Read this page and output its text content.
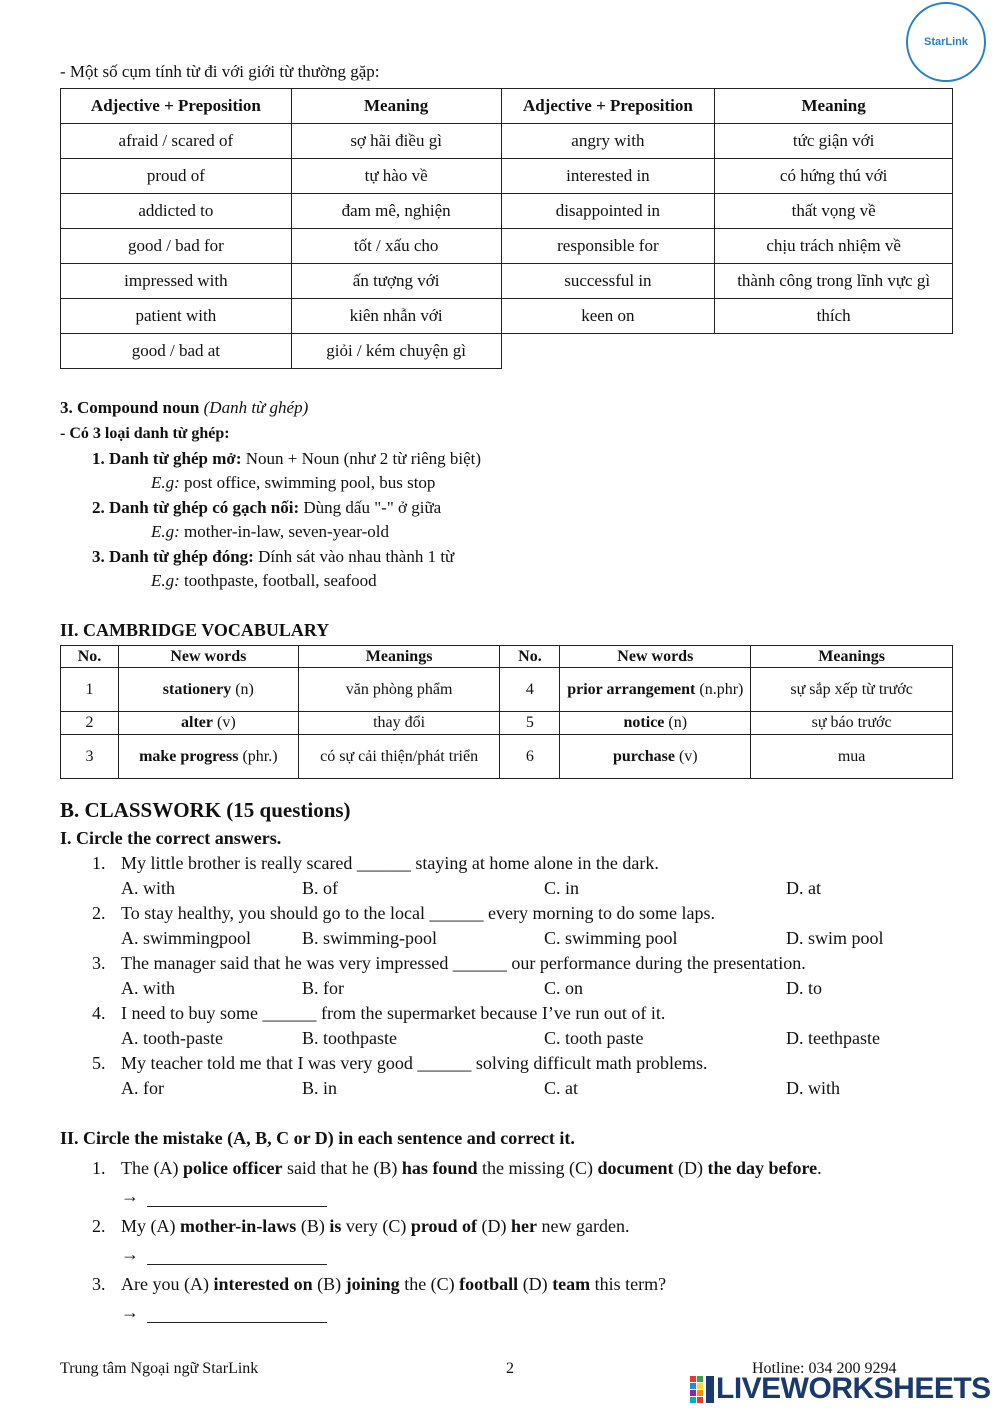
StarLink
- Một số cụm tính từ đi với giới từ thường gặp:
Adjective + Preposition	Meaning	Adjective + Preposition	Meaning
afraid / scared of	sợ hãi điều gì	angry with	tức giận với
proud of	tự hào về	interested in	có hứng thú với
addicted to	đam mê, nghiện	disappointed in	thất vọng về
good / bad for	tốt / xấu cho	responsible for	chịu trách nhiệm về
impressed with	ấn tượng với	successful in	thành công trong lĩnh vực gì
patient with	kiên nhẫn với	keen on	thích
good / bad at	giỏi / kém chuyện gì		
3. Compound noun (Danh từ ghép)
- Có 3 loại danh từ ghép:
1. Danh từ ghép mở: Noun + Noun (như 2 từ riêng biệt)
E.g: post office, swimming pool, bus stop
2. Danh từ ghép có gạch nối: Dùng dấu "-" ở giữa
E.g: mother-in-law, seven-year-old
3. Danh từ ghép đóng: Dính sát vào nhau thành 1 từ
E.g: toothpaste, football, seafood
II. CAMBRIDGE VOCABULARY
No.	New words	Meanings	No.	New words	Meanings
1	stationery (n)	văn phòng phẩm	4	prior arrangement (n.phr)	sự sắp xếp từ trước
2	alter (v)	thay đổi	5	notice (n)	sự báo trước
3	make progress (phr.)	có sự cải thiện/phát triển	6	purchase (v)	mua
B. CLASSWORK (15 questions)
I. Circle the correct answers.
1. My little brother is really scared ______ staying at home alone in the dark.
A. with	B. of	C. in	D. at
2. To stay healthy, you should go to the local ______ every morning to do some laps.
A. swimmingpool	B. swimming-pool	C. swimming pool	D. swim pool
3. The manager said that he was very impressed ______ our performance during the presentation.
A. with	B. for	C. on	D. to
4. I need to buy some ______ from the supermarket because I’ve run out of it.
A. tooth-paste	B. toothpaste	C. tooth paste	D. teethpaste
5. My teacher told me that I was very good ______ solving difficult math problems.
A. for	B. in	C. at	D. with
II. Circle the mistake (A, B, C or D) in each sentence and correct it.
1. The (A) police officer said that he (B) has found the missing (C) document (D) the day before.
→
2. My (A) mother-in-laws (B) is very (C) proud of (D) her new garden.
→
3. Are you (A) interested on (B) joining the (C) football (D) team this term?
→
Trung tâm Ngoại ngữ StarLink	2	Hotline: 034 200 9294
LIVEWORKSHEETS
